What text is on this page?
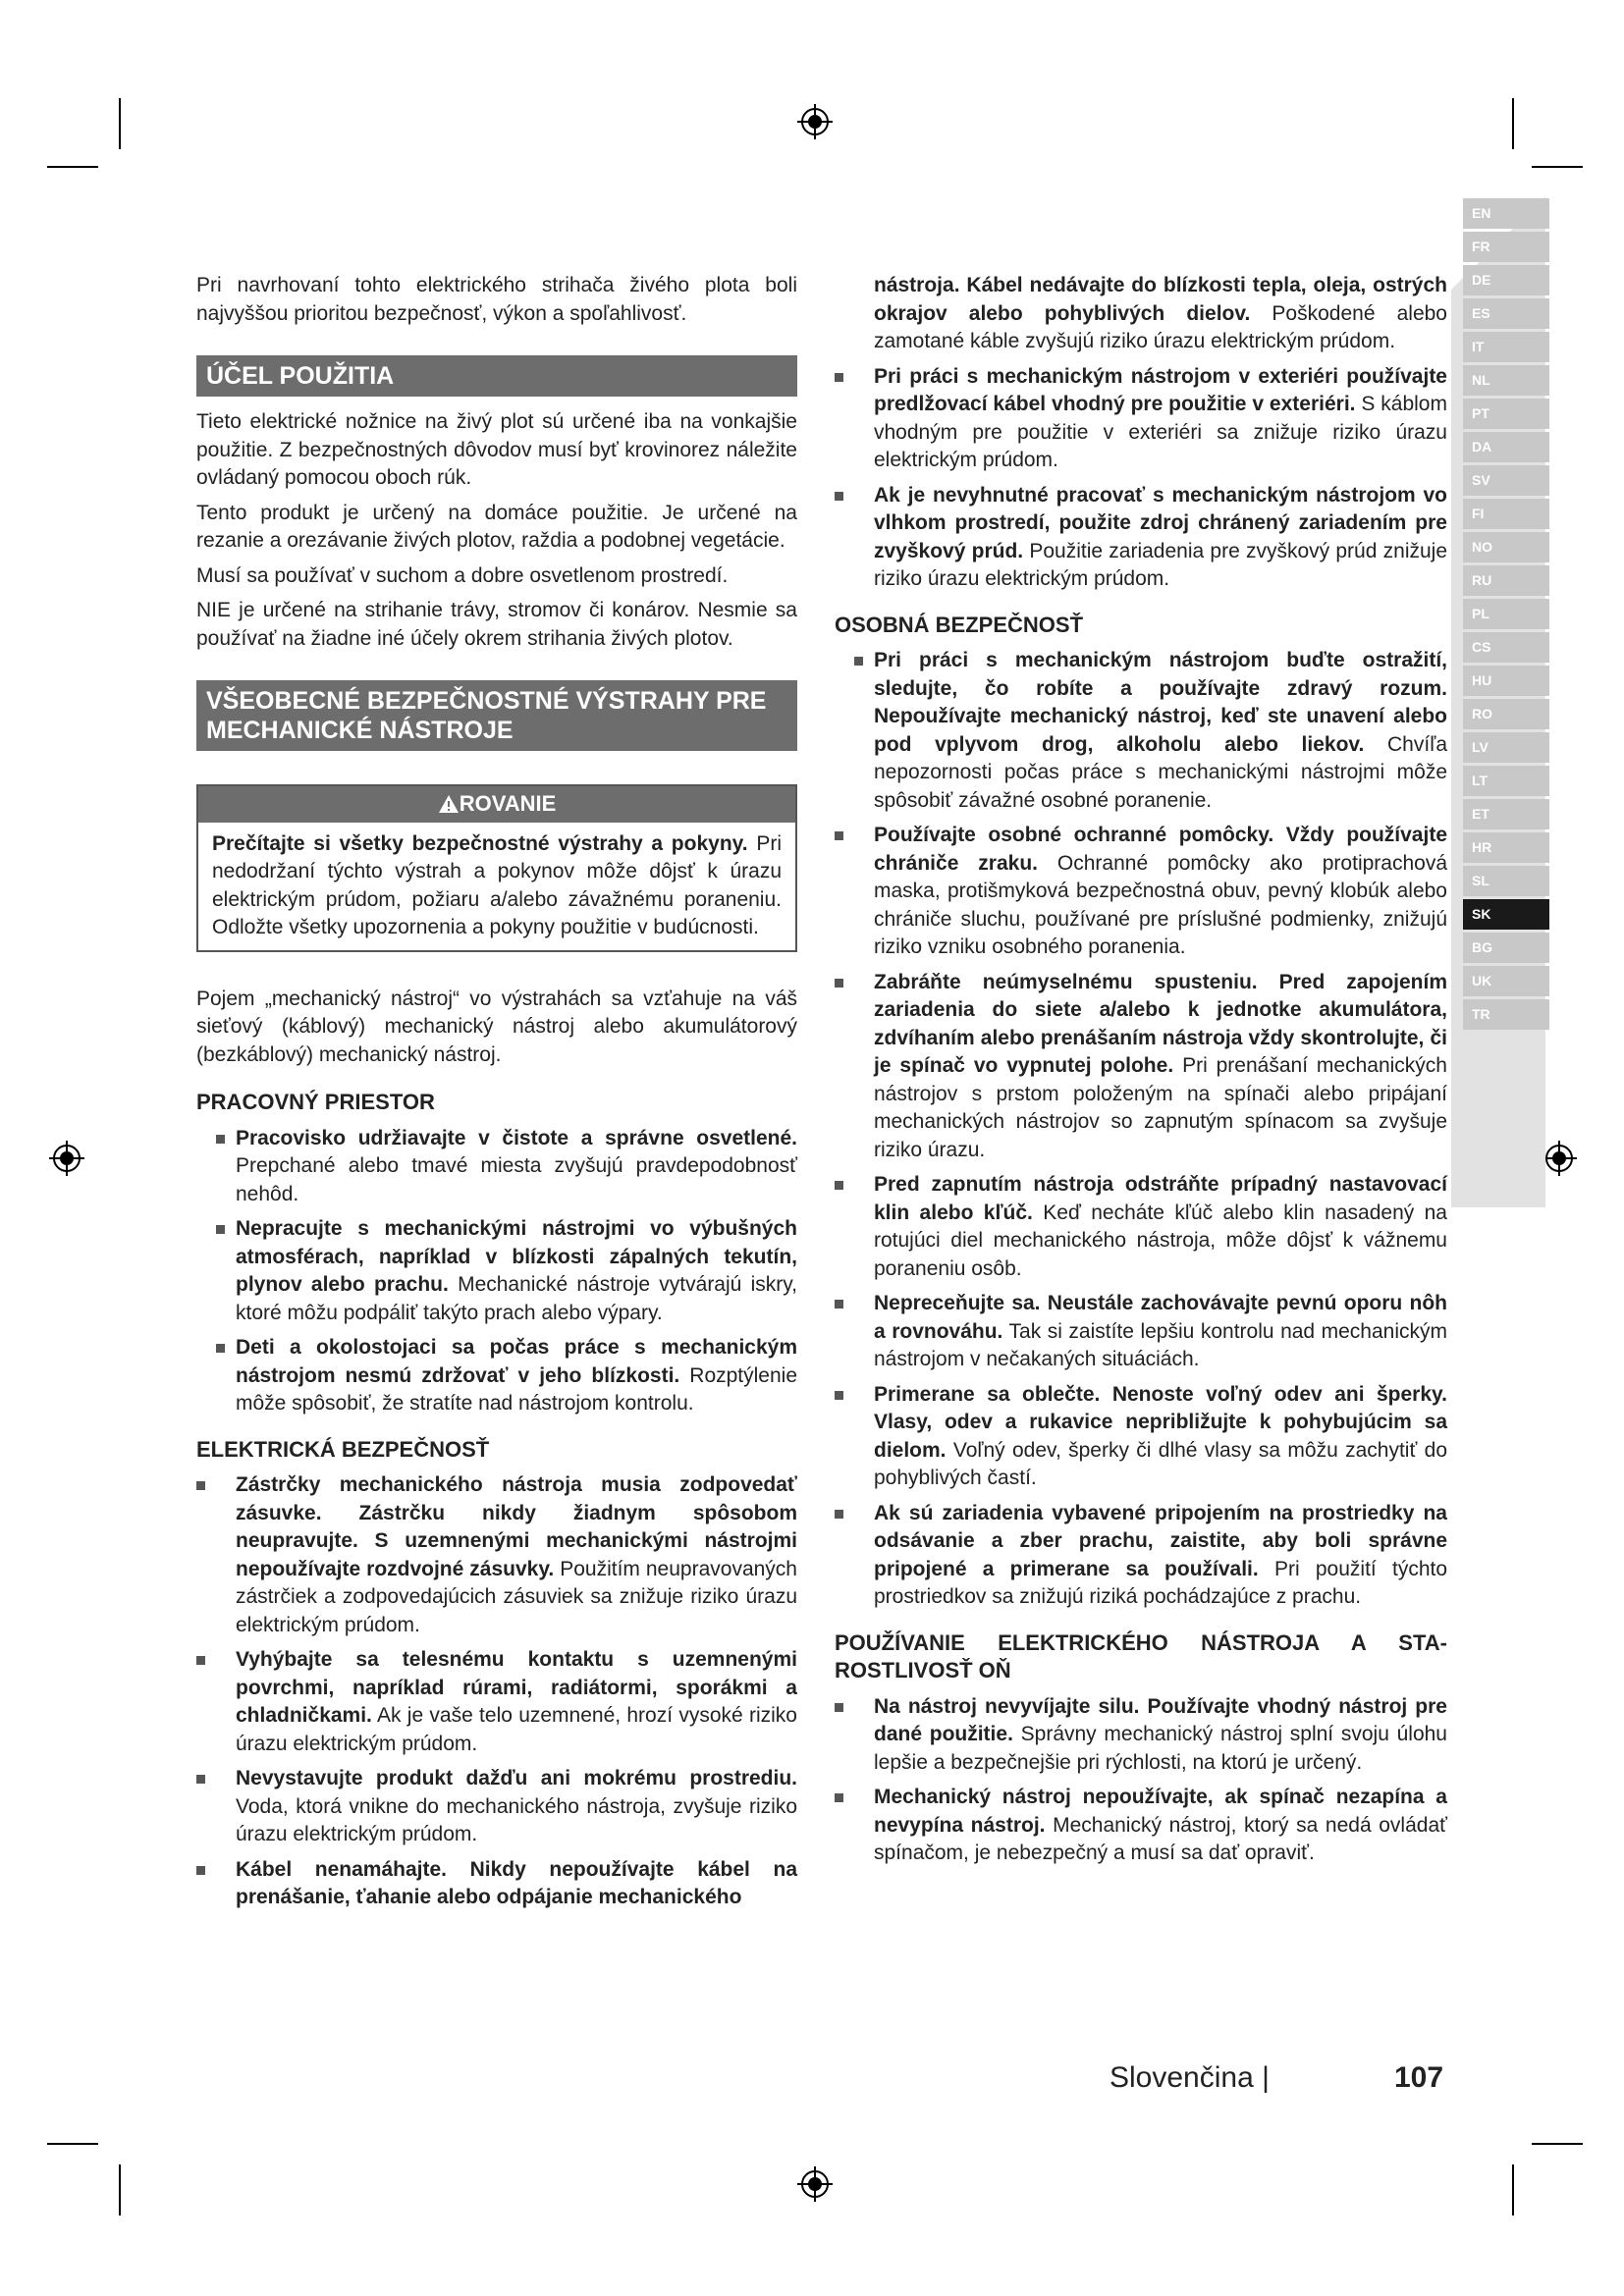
EN
FR
DE
ES
IT
NL
PT
DA
SV
FI
NO
RU
PL
CS
HU
RO
LV
LT
ET
HR
SL
SK
BG
UK
TR

Pri navrhovaní tohto elektrického strihača živého plota boli najvyššou prioritou bezpečnosť, výkon a spoľahlivosť.

ÚČEL POUŽITIA

Tieto elektrické nožnice na živý plot sú určené iba na vonkajšie použitie. Z bezpečnostných dôvodov musí byť krovinorez náležite ovládaný pomocou oboch rúk.

Tento produkt je určený na domáce použitie. Je určené na rezanie a orezávanie živých plotov, raždia a podobnej vegetácie.

Musí sa používať v suchom a dobre osvetlenom prostredí.

NIE je určené na strihanie trávy, stromov či konárov. Nesmie sa používať na žiadne iné účely okrem strihania živých plotov.

VŠEOBECNÉ BEZPEČNOSTNÉ VÝSTRAHY PRE MECHANICKÉ NÁSTROJE
ROVANIE
Prečítajte si všetky bezpečnostné výstrahy a pokyny. Pri nedodržaní týchto výstrah a pokynov môže dôjsť k úrazu elektrickým prúdom, požiaru a/alebo závažnému poraneniu. Odložte všetky upozornenia a pokyny použitie v budúcnosti.

Pojem „mechanický nástroj“ vo výstrahách sa vzťahuje na váš sieťový (káblový) mechanický nástroj alebo akumulátorový (bezkáblový) mechanický nástroj.

PRACOVNÝ PRIESTOR
Pracovisko udržiavajte v čistote a správne osvetlené. Prepchané alebo tmavé miesta zvyšujú pravdepodobnosť nehôd.
Nepracujte s mechanickými nástrojmi vo výbušných atmosférach, napríklad v blízkosti zápalných tekutín, plynov alebo prachu. Mechanické nástroje vytvárajú iskry, ktoré môžu podpáliť takýto prach alebo výpary.
Deti a okolostojaci sa počas práce s mechanickým nástrojom nesmú zdržovať v jeho blízkosti. Rozptýlenie môže spôsobiť, že stratíte nad nástrojom kontrolu.
ELEKTRICKÁ BEZPEČNOSŤ
Zástrčky mechanického nástroja musia zodpovedať zásuvke. Zástrčku nikdy žiadnym spôsobom neupravujte. S uzemnenými mechanickými nástrojmi nepoužívajte rozdvojné zásuvky. Použitím neupravovaných zástrčiek a zodpovedajúcich zásuviek sa znižuje riziko úrazu elektrickým prúdom.
Vyhýbajte sa telesnému kontaktu s uzemnenými povrchmi, napríklad rúrami, radiátormi, sporákmi a chladničkami. Ak je vaše telo uzemnené, hrozí vysoké riziko úrazu elektrickým prúdom.
Nevystavujte produkt dažďu ani mokrému prostrediu. Voda, ktorá vnikne do mechanického nástroja, zvyšuje riziko úrazu elektrickým prúdom.
Kábel nenamáhajte. Nikdy nepoužívajte kábel na prenášanie, ťahanie alebo odpájanie mechanického
nástroja. Kábel nedávajte do blízkosti tepla, oleja, ostrých okrajov alebo pohyblivých dielov. Poškodené alebo zamotané káble zvyšujú riziko úrazu elektrickým prúdom.
Pri práci s mechanickým nástrojom v exteriéri používajte predlžovací kábel vhodný pre použitie v exteriéri. S káblom vhodným pre použitie v exteriéri sa znižuje riziko úrazu elektrickým prúdom.
Ak je nevyhnutné pracovať s mechanickým nástrojom vo vlhkom prostredí, použite zdroj chránený zariadením pre zvyškový prúd. Použitie zariadenia pre zvyškový prúd znižuje riziko úrazu elektrickým prúdom.
OSOBNÁ BEZPEČNOSŤ
Pri práci s mechanickým nástrojom buďte ostražití, sledujte, čo robíte a používajte zdravý rozum. Nepoužívajte mechanický nástroj, keď ste unavení alebo pod vplyvom drog, alkoholu alebo liekov. Chvíľa nepozornosti počas práce s mechanickými nástrojmi môže spôsobiť závažné osobné poranenie.
Používajte osobné ochranné pomôcky. Vždy používajte chrániče zraku. Ochranné pomôcky ako protiprachová maska, protišmyková bezpečnostná obuv, pevný klobúk alebo chrániče sluchu, používané pre príslušné podmienky, znižujú riziko vzniku osobného poranenia.
Zabráňte neúmyselnému spusteniu. Pred zapojením zariadenia do siete a/alebo k jednotke akumulátora, zdvíhaním alebo prenášaním nástroja vždy skontrolujte, či je spínač vo vypnutej polohe. Pri prenášaní mechanických nástrojov s prstom položeným na spínači alebo pripájaní mechanických nástrojov so zapnutým spínacom sa zvyšuje riziko úrazu.
Pred zapnutím nástroja odstráňte prípadný nastavovací klin alebo kľúč. Keď necháte kľúč alebo klin nasadený na rotujúci diel mechanického nástroja, môže dôjsť k vážnemu poraneniu osôb.
Nepreceňujte sa. Neustále zachovávajte pevnú oporu nôh a rovnováhu. Tak si zaistíte lepšiu kontrolu nad mechanickým nástrojom v nečakaných situáciách.
Primerane sa oblečte. Nenoste voľný odev ani šperky. Vlasy, odev a rukavice nepribližujte k pohybujúcim sa dielom. Voľný odev, šperky či dlhé vlasy sa môžu zachytiť do pohyblivých častí.
Ak sú zariadenia vybavené pripojením na prostriedky na odsávanie a zber prachu, zaistite, aby boli správne pripojené a primerane sa používali. Pri použití týchto prostriedkov sa znižujú riziká pochádzajúce z prachu.
POUŽÍVANIE ELEKTRICKÉHO NÁSTROJA A STA-ROSTLIVOSŤ OŇ
Na nástroj nevyvíjajte silu. Používajte vhodný nástroj pre dané použitie. Správny mechanický nástroj splní svoju úlohu lepšie a bezpečnejšie pri rýchlosti, na ktorú je určený.
Mechanický nástroj nepoužívajte, ak spínač nezapína a nevypína nástroj. Mechanický nástroj, ktorý sa nedá ovládať spínačom, je nebezpečný a musí sa dať opraviť.
Slovenčina |	107
